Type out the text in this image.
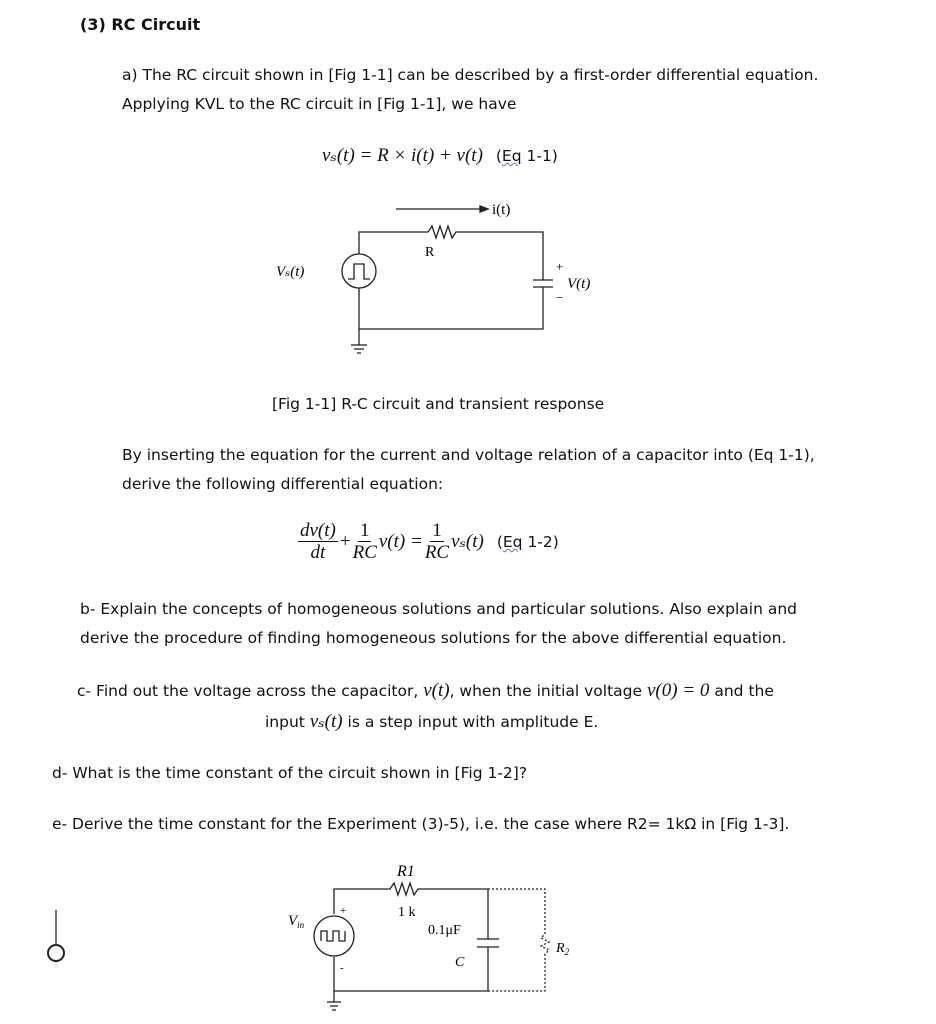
(3) RC Circuit
a) The RC circuit shown in [Fig 1-1] can be described by a first-order differential equation.
Applying KVL to the RC circuit in [Fig 1-1], we have
vₛ(t) = R × i(t) + v(t) (Eq 1-1)
i(t)
R
Vₛ(t)	+
−
V(t)
R1
1 k
0.1μF
C
$V_{in}$
+
-
$R_2$
[Fig 1-1] R-C circuit and transient response
By inserting the equation for the current and voltage relation of a capacitor into (Eq 1-1),
derive the following differential equation:
$\frac{dv(t)}{dt} + \frac{1}{RC} v(t) = \frac{1}{RC} v_s(t)$ (Eq 1-2)
b- Explain the concepts of homogeneous solutions and particular solutions. Also explain and
derive the procedure of finding homogeneous solutions for the above differential equation.
c- Find out the voltage across the capacitor, v(t), when the initial voltage v(0) = 0 and the
input vₛ(t) is a step input with amplitude E.
d- What is the time constant of the circuit shown in [Fig 1-2]?
e- Derive the time constant for the Experiment (3)-5), i.e. the case where R2= 1kΩ in [Fig 1-3].
